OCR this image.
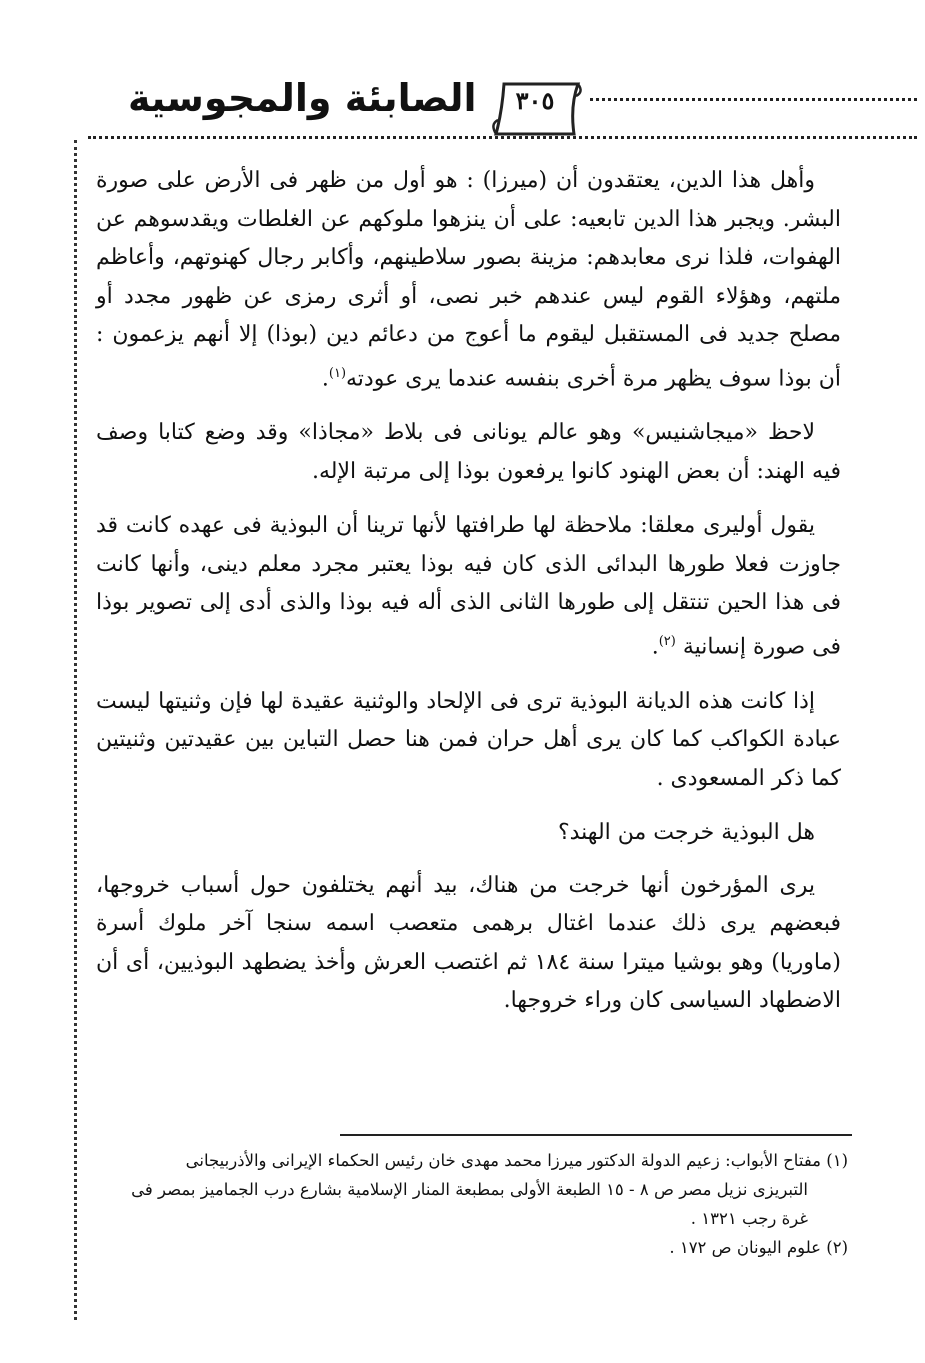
الصابئة والمجوسية	٣٠٥

وأهل هذا الدين، يعتقدون أن (ميرزا) : هو أول من ظهر فى الأرض على صورة البشر. ويجبر هذا الدين تابعيه: على أن ينزهوا ملوكهم عن الغلطات ويقدسوهم عن الهفوات، فلذا نرى معابدهم: مزينة بصور سلاطينهم، وأكابر رجال كهنوتهم، وأعاظم ملتهم، وهؤلاء القوم ليس عندهم خبر نصى، أو أثرى رمزى عن ظهور مجدد أو مصلح جديد فى المستقبل ليقوم ما أعوج من دعائم دين (بوذا) إلا أنهم يزعمون : أن بوذا سوف يظهر مرة أخرى بنفسه عندما يرى عودته$^{(١)}$.

لاحظ «ميجاشنيس» وهو عالم يونانى فى بلاط «مجاذا» وقد وضع كتابا وصف فيه الهند: أن بعض الهنود كانوا يرفعون بوذا إلى مرتبة الإله.

يقول أوليرى معلقا: ملاحظة لها طرافتها لأنها ترينا أن البوذية فى عهده كانت قد جاوزت فعلا طورها البدائى الذى كان فيه بوذا يعتبر مجرد معلم دينى، وأنها كانت فى هذا الحين تنتقل إلى طورها الثانى الذى أله فيه بوذا والذى أدى إلى تصوير بوذا فى صورة إنسانية $^{(٢)}$.

إذا كانت هذه الديانة البوذية ترى فى الإلحاد والوثنية عقيدة لها فإن وثنيتها ليست عبادة الكواكب كما كان يرى أهل حران فمن هنا حصل التباين بين عقيدتين وثنيتين كما ذكر المسعودى .

هل البوذية خرجت من الهند؟

يرى المؤرخون أنها خرجت من هناك، بيد أنهم يختلفون حول أسباب خروجها، فبعضهم يرى ذلك عندما اغتال برهمى متعصب اسمه سنجا آخر ملوك أسرة (ماوريا) وهو بوشيا ميترا سنة ١٨٤ ثم اغتصب العرش وأخذ يضطهد البوذيين، أى أن الاضطهاد السياسى كان وراء خروجها.

(١) مفتاح الأبواب: زعيم الدولة الدكتور ميرزا محمد مهدى خان رئيس الحكماء الإيرانى والأذربيجانى

التبريزى نزيل مصر ص ٨ - ١٥ الطبعة الأولى بمطبعة المنار الإسلامية بشارع درب الجماميز بمصر فى

غرة رجب ١٣٢١ .

(٢) علوم اليونان ص ١٧٢ .
